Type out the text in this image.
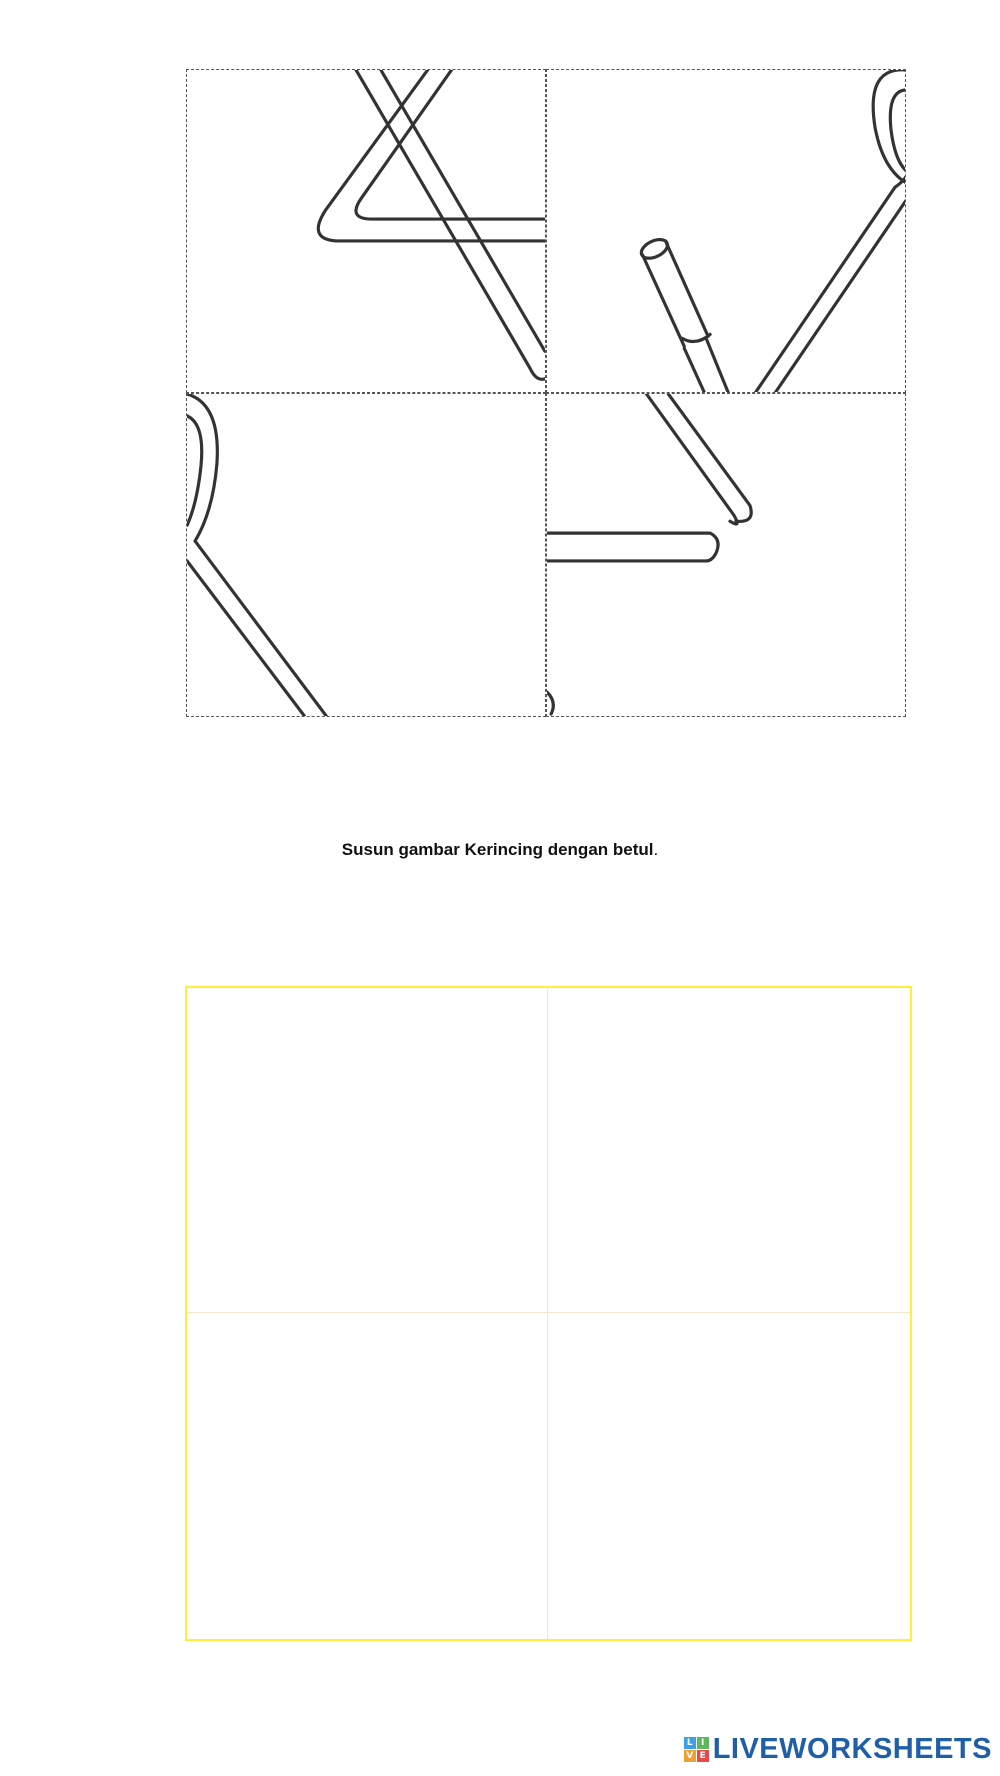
Susun gambar Kerincing dengan betul.
L I
V E LIVEWORKSHEETS
